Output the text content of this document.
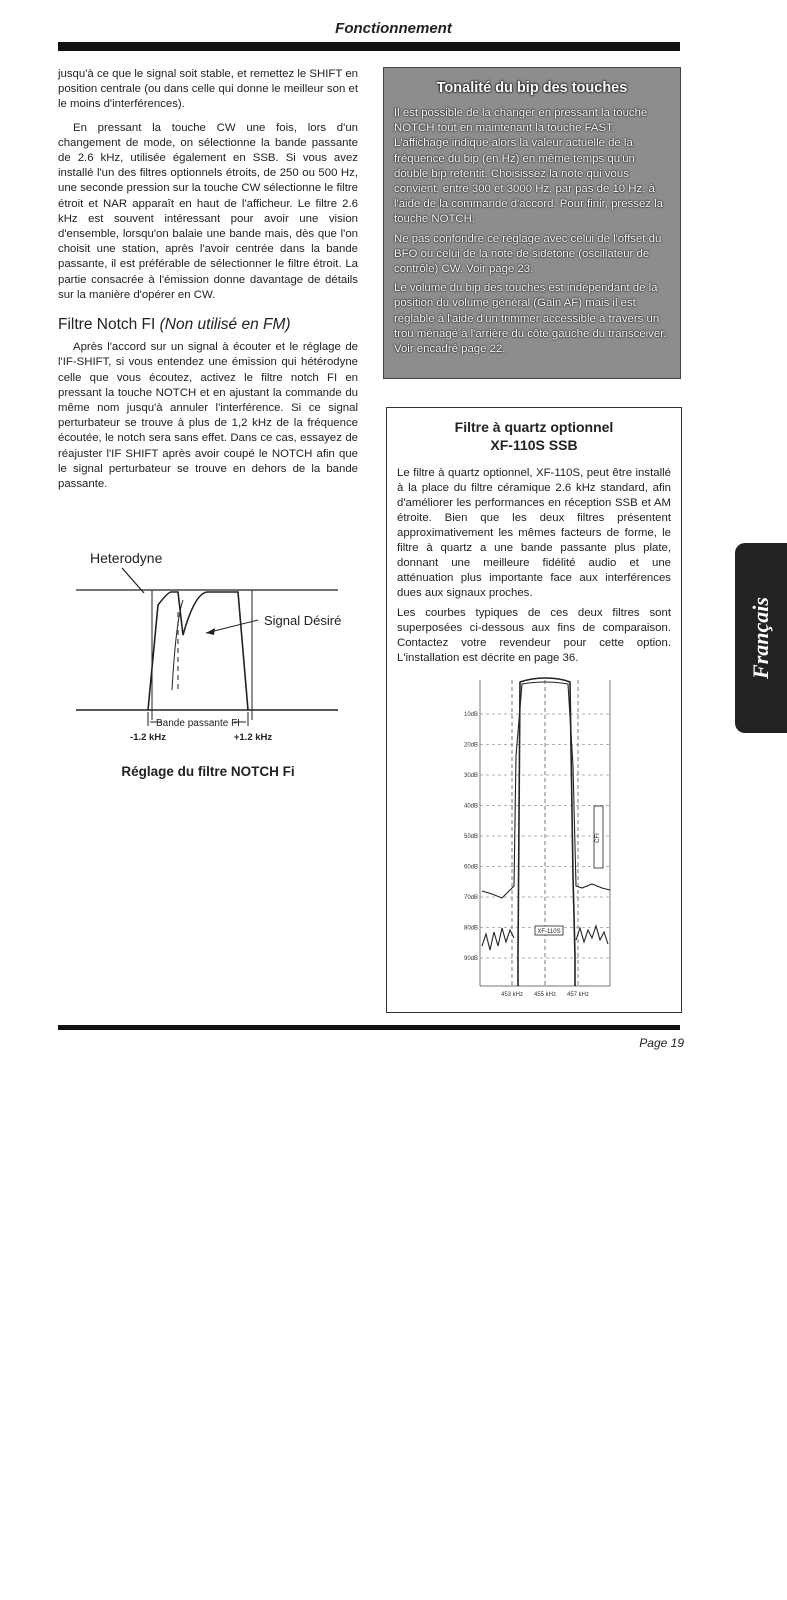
Fonctionnement

jusqu'à ce que le signal soit stable, et remettez le SHIFT en position centrale (ou dans celle qui donne le meilleur son et le moins d'interférences).

En pressant la touche CW une fois, lors d'un changement de mode, on sélectionne la bande passante de 2.6 kHz, utilisée également en SSB. Si vous avez installé l'un des filtres optionnels étroits, de 250 ou 500 Hz, une seconde pression sur la touche CW sélectionne le filtre étroit et NAR apparaît en haut de l'afficheur. Le filtre 2.6 kHz est souvent intéressant pour avoir une vision d'ensemble, lorsqu'on balaie une bande mais, dès que l'on choisit une station, après l'avoir centrée dans la bande passante, il est préférable de sélectionner le filtre étroit. La partie consacrée à l'émission donne davantage de détails sur la manière d'opérer en CW.

Filtre Notch FI (Non utilisé en FM)

Après l'accord sur un signal à écouter et le réglage de l'IF-SHIFT, si vous entendez une émission qui hétérodyne celle que vous écoutez, activez le filtre notch FI en pressant la touche NOTCH et en ajustant la commande du même nom jusqu'à annuler l'interférence. Si ce signal perturbateur se trouve à plus de 1,2 kHz de la fréquence écoutée, le notch sera sans effet. Dans ce cas, essayez de réajuster l'IF SHIFT après avoir coupé le NOTCH afin que le signal perturbateur se trouve en dehors de la bande passante.

Heterodyne
Signal Désiré
Bande passante FI
-1.2 kHz	+1.2 kHz
Réglage du filtre NOTCH Fi
Tonalité du bip des touches

Il est possible de la changer en pressant la touche NOTCH tout en maintenant la touche FAST. L'affichage indique alors la valeur actuelle de la fréquence du bip (en Hz) en même temps qu'un double bip retentit. Choisissez la note qui vous convient, entre 300 et 3000 Hz, par pas de 10 Hz, à l'aide de la commande d'accord. Pour finir, pressez la touche NOTCH.

Ne pas confondre ce réglage avec celui de l'offset du BFO ou celui de la note de sidetone (oscillateur de contrôle) CW. Voir page 23.

Le volume du bip des touches est indépendant de la position du volume général (Gain AF) mais il est réglable à l'aide d'un trimmer accessible à travers un trou ménagé à l'arrière du côté gauche du transceiver. Voir encadré page 22.

Filtre à quartz optionnel
XF-110S SSB

Le filtre à quartz optionnel, XF-110S, peut être installé à la place du filtre céramique 2.6 kHz standard, afin d'améliorer les performances en réception SSB et AM étroite. Bien que les deux filtres présentent approximativement les mêmes facteurs de forme, le filtre à quartz a une bande passante plus plate, donnant une meilleure fidélité audio et une atténuation plus importante face aux interférences dues aux signaux proches.

Les courbes typiques de ces deux filtres sont superposées ci-dessous aux fins de comparaison. Contactez votre revendeur pour cette option. L'installation est décrite en page 36.

10dB
20dB
30dB
40dB
50dB
60dB
70dB
80dB
90dB
XF-110S
CFI
453 kHz 455 kHz 457 kHz
Français
Page 19
